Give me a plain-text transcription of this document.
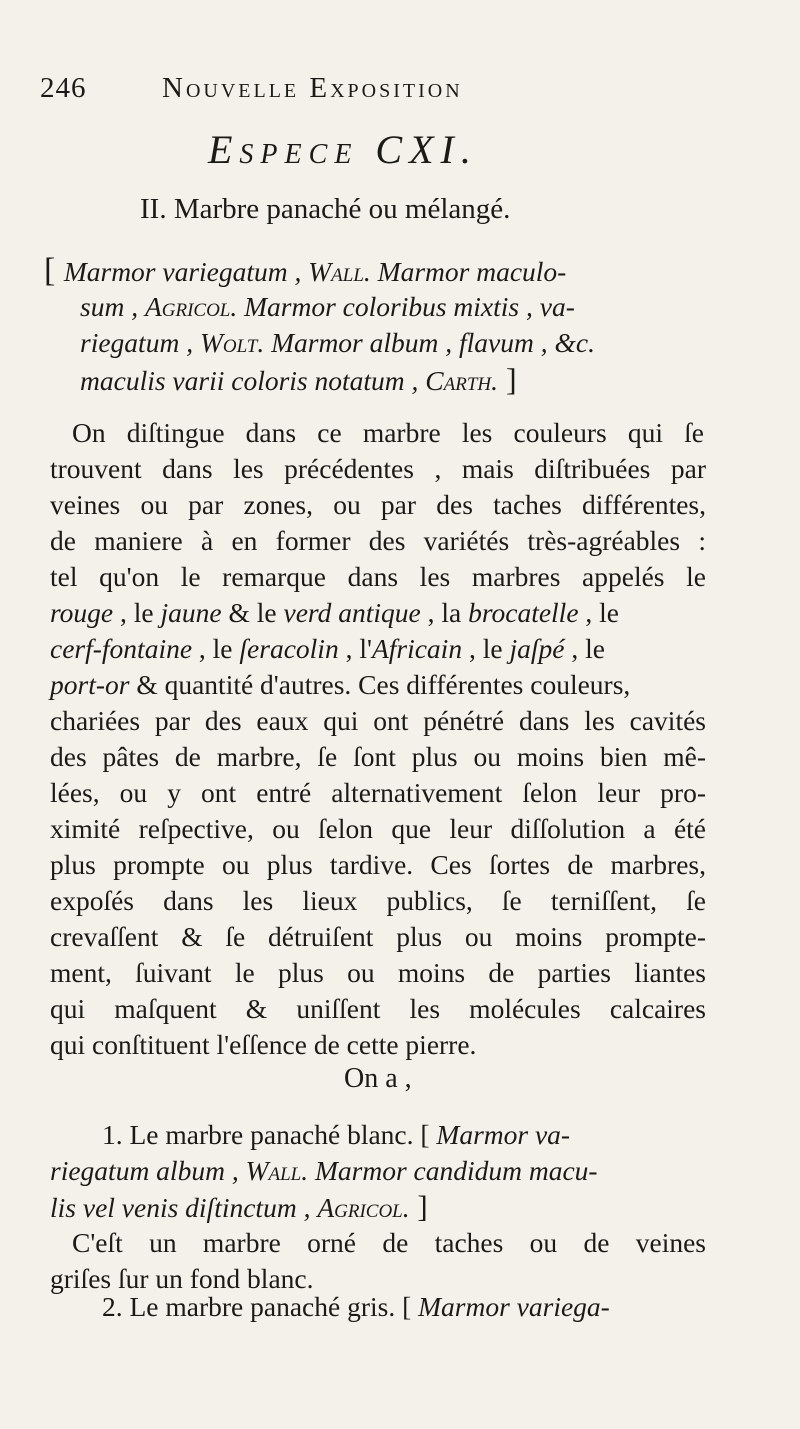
246	Nouvelle Exposition
Espece CXI.
II. Marbre panaché ou mélangé.
[ Marmor variegatum , Wall. Marmor maculo-
sum , Agricol. Marmor coloribus mixtis , va-
riegatum , Wolt. Marmor album , flavum , &c.
maculis varii coloris notatum , Carth. ]
On diſtingue dans ce marbre les couleurs qui ſe
trouvent dans les précédentes , mais diſtribuées par
veines ou par zones, ou par des taches différentes,
de maniere à en former des variétés très-agréables :
tel qu'on le remarque dans les marbres appelés le
rouge , le jaune & le verd antique , la brocatelle , le
cerf-fontaine , le ſeracolin , l'Africain , le jaſpé , le
port-or & quantité d'autres. Ces différentes couleurs,
chariées par des eaux qui ont pénétré dans les cavités
des pâtes de marbre, ſe ſont plus ou moins bien mê-
lées, ou y ont entré alternativement ſelon leur pro-
ximité reſpective, ou ſelon que leur diſſolution a été
plus prompte ou plus tardive. Ces ſortes de marbres,
expoſés dans les lieux publics, ſe terniſſent, ſe
crevaſſent & ſe détruiſent plus ou moins prompte-
ment, ſuivant le plus ou moins de parties liantes
qui maſquent & uniſſent les molécules calcaires
qui conſtituent l'eſſence de cette pierre.
On a ,
1. Le marbre panaché blanc. [ Marmor va-
riegatum album , Wall. Marmor candidum macu-
lis vel venis diſtinctum , Agricol. ]
C'eſt un marbre orné de taches ou de veines
griſes ſur un fond blanc.
2. Le marbre panaché gris. [ Marmor variega-
